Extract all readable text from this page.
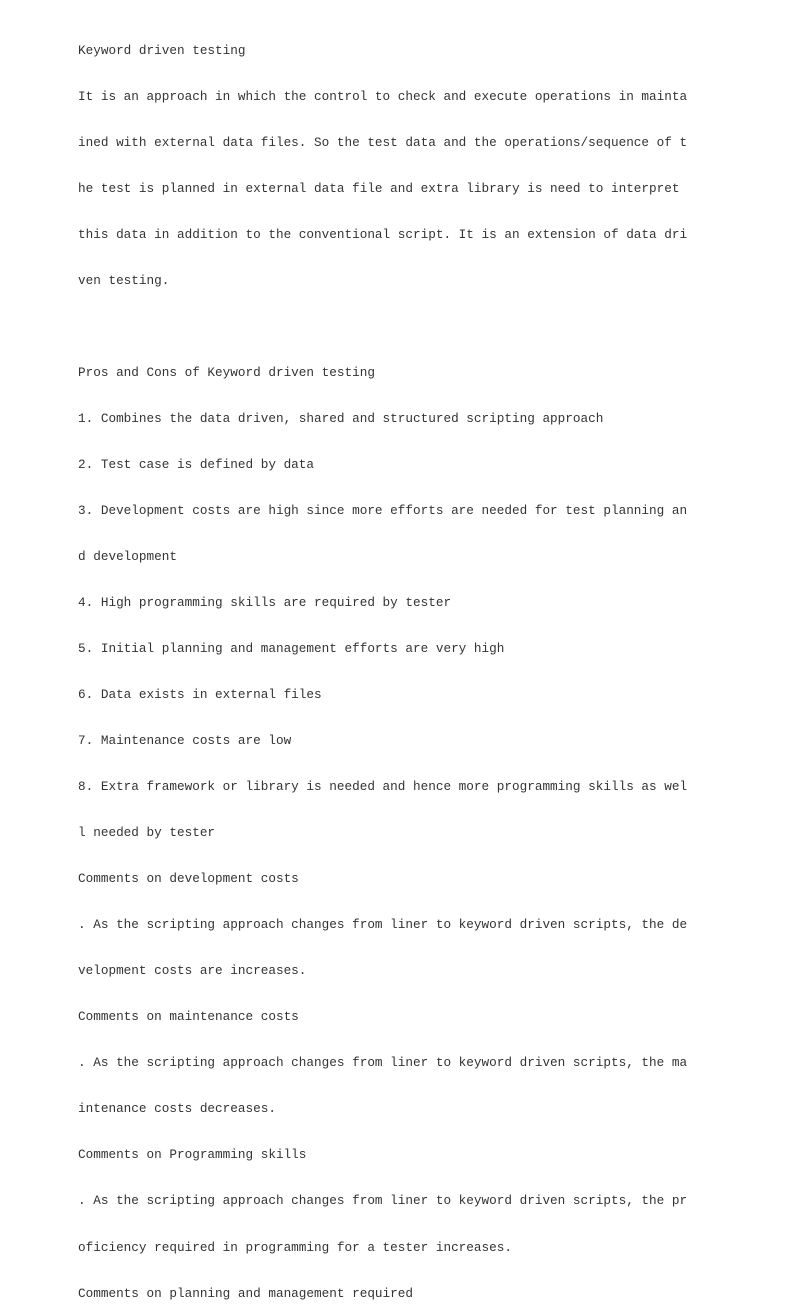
Keyword driven testing

It is an approach in which the control to check and execute operations in mainta

ined with external data files. So the test data and the operations/sequence of t

he test is planned in external data file and extra library is need to interpret

this data in addition to the conventional script. It is an extension of data dri

ven testing.

Pros and Cons of Keyword driven testing

1. Combines the data driven, shared and structured scripting approach

2. Test case is defined by data

3. Development costs are high since more efforts are needed for test planning an

d development

4. High programming skills are required by tester

5. Initial planning and management efforts are very high

6. Data exists in external files

7. Maintenance costs are low

8. Extra framework or library is needed and hence more programming skills as wel

l needed by tester

Comments on development costs

. As the scripting approach changes from liner to keyword driven scripts, the de

velopment costs are increases.

Comments on maintenance costs

. As the scripting approach changes from liner to keyword driven scripts, the ma

intenance costs decreases.

Comments on Programming skills

. As the scripting approach changes from liner to keyword driven scripts, the pr

oficiency required in programming for a tester increases.

Comments on planning and management required
